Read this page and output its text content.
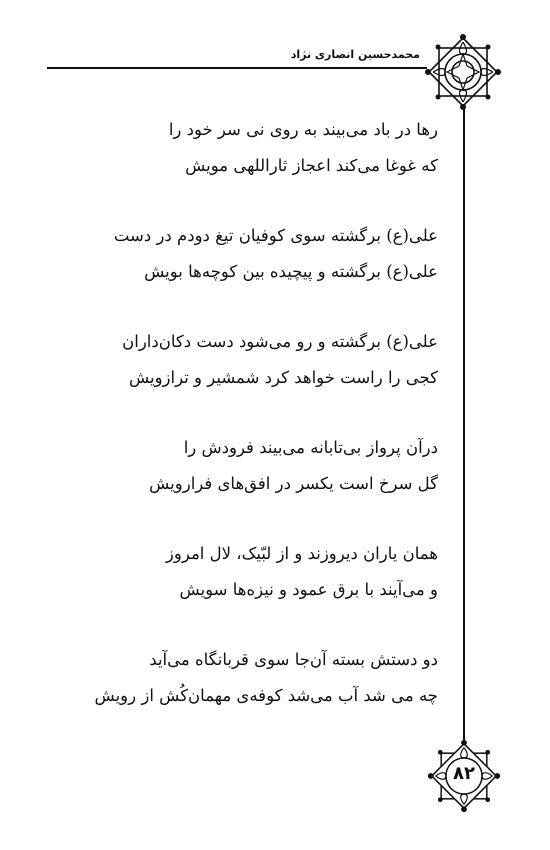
محمدحسین انصاری نژاد
رها در باد می‌بیند به روی نی سر خود را
که غوغا می‌کند اعجاز ثاراللهی مویش
علی(ع) برگشته سوی کوفیان تیغ دودم در دست
علی(ع) برگشته و پیچیده بین کوچه‌ها بویش
علی(ع) برگشته و رو می‌شود دست دکان‌داران
کجی را راست خواهد کرد شمشیر و ترازویش
درآن پرواز بی‌تابانه می‌بیند فرودش را
گل سرخ است یکسر در افق‌های فرارویش
همان یاران دیروزند و از لبّیک، لال امروز
و می‌آیند با برق عمود و نیزه‌ها سویش
دو دستش بسته آن‌جا سوی قربانگاه می‌آید
چه می شد آب می‌شد کوفه‌ی مهمان‌کُش از رویش
۸۲
